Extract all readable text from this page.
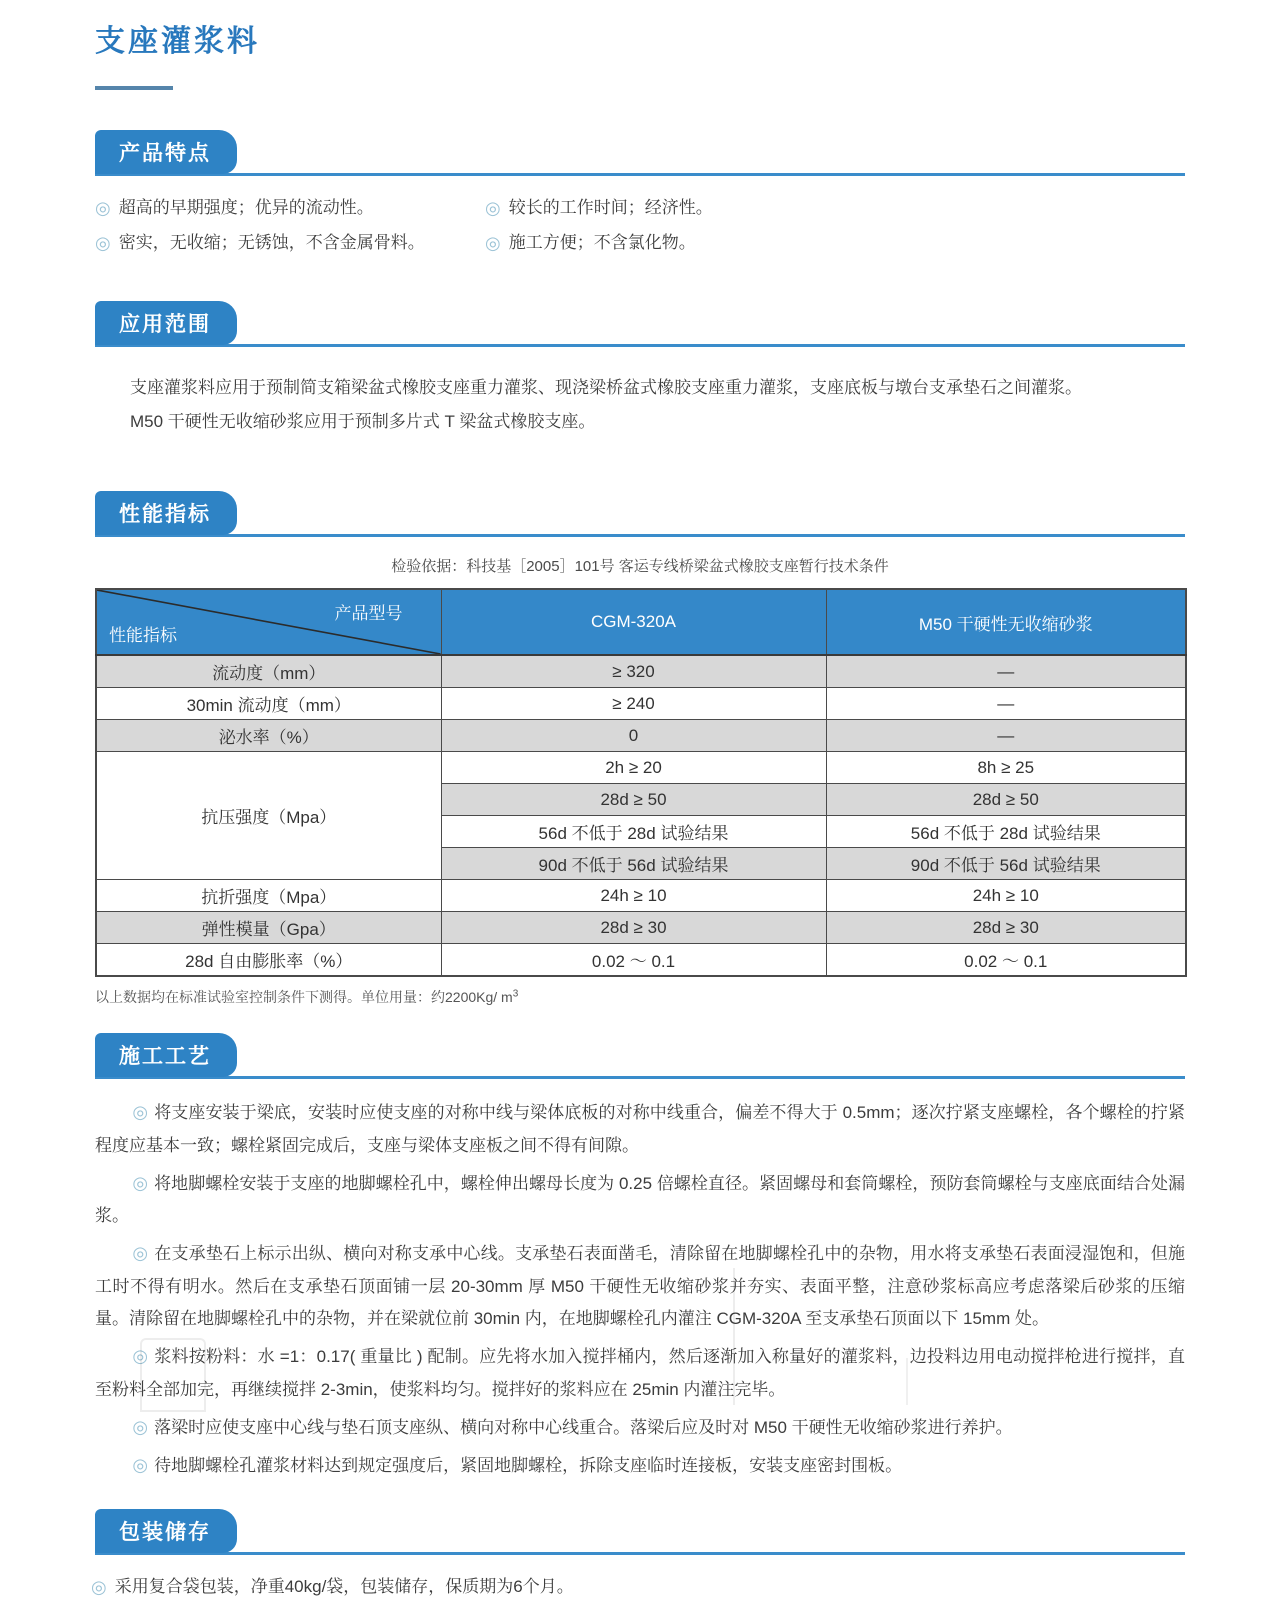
支座灌浆料
产品特点
◎ 超高的早期强度；优异的流动性。	◎ 较长的工作时间；经济性。
◎ 密实，无收缩；无锈蚀，不含金属骨料。	◎ 施工方便；不含氯化物。
应用范围

支座灌浆料应用于预制简支箱梁盆式橡胶支座重力灌浆、现浇梁桥盆式橡胶支座重力灌浆，支座底板与墩台支承垫石之间灌浆。

M50 干硬性无收缩砂浆应用于预制多片式 T 梁盆式橡胶支座。

性能指标
检验依据：科技基［2005］101号 客运专线桥梁盆式橡胶支座暂行技术条件
产品型号
性能指标	CGM-320A	M50 干硬性无收缩砂浆
流动度（mm）	≥ 320	—
30min 流动度（mm）	≥ 240	—
泌水率（%）	0	—
抗压强度（Mpa）	2h ≥ 20	8h ≥ 25
	28d ≥ 50	28d ≥ 50
	56d 不低于 28d 试验结果	56d 不低于 28d 试验结果
	90d 不低于 56d 试验结果	90d 不低于 56d 试验结果
抗折强度（Mpa）	24h ≥ 10	24h ≥ 10
弹性模量（Gpa）	28d ≥ 30	28d ≥ 30
28d 自由膨胀率（%）	0.02 ～ 0.1	0.02 ～ 0.1
以上数据均在标准试验室控制条件下测得。单位用量：约2200Kg/ $m^3$
施工工艺

◎ 将支座安装于梁底，安装时应使支座的对称中线与梁体底板的对称中线重合，偏差不得大于 0.5mm；逐次拧紧支座螺栓，各个螺栓的拧紧程度应基本一致；螺栓紧固完成后，支座与梁体支座板之间不得有间隙。

◎ 将地脚螺栓安装于支座的地脚螺栓孔中，螺栓伸出螺母长度为 0.25 倍螺栓直径。紧固螺母和套筒螺栓，预防套筒螺栓与支座底面结合处漏浆。

◎ 在支承垫石上标示出纵、横向对称支承中心线。支承垫石表面凿毛，清除留在地脚螺栓孔中的杂物，用水将支承垫石表面浸湿饱和，但施工时不得有明水。然后在支承垫石顶面铺一层 20-30mm 厚 M50 干硬性无收缩砂浆并夯实、表面平整，注意砂浆标高应考虑落梁后砂浆的压缩量。清除留在地脚螺栓孔中的杂物，并在梁就位前 30min 内，在地脚螺栓孔内灌注 CGM-320A 至支承垫石顶面以下 15mm 处。

◎ 浆料按粉料：水 =1：0.17( 重量比 ) 配制。应先将水加入搅拌桶内，然后逐渐加入称量好的灌浆料，边投料边用电动搅拌枪进行搅拌，直至粉料全部加完，再继续搅拌 2-3min，使浆料均匀。搅拌好的浆料应在 25min 内灌注完毕。

◎ 落梁时应使支座中心线与垫石顶支座纵、横向对称中心线重合。落梁后应及时对 M50 干硬性无收缩砂浆进行养护。

◎ 待地脚螺栓孔灌浆材料达到规定强度后，紧固地脚螺栓，拆除支座临时连接板，安装支座密封围板。

包装储存
◎ 采用复合袋包装，净重40kg/袋，包装储存，保质期为6个月。
